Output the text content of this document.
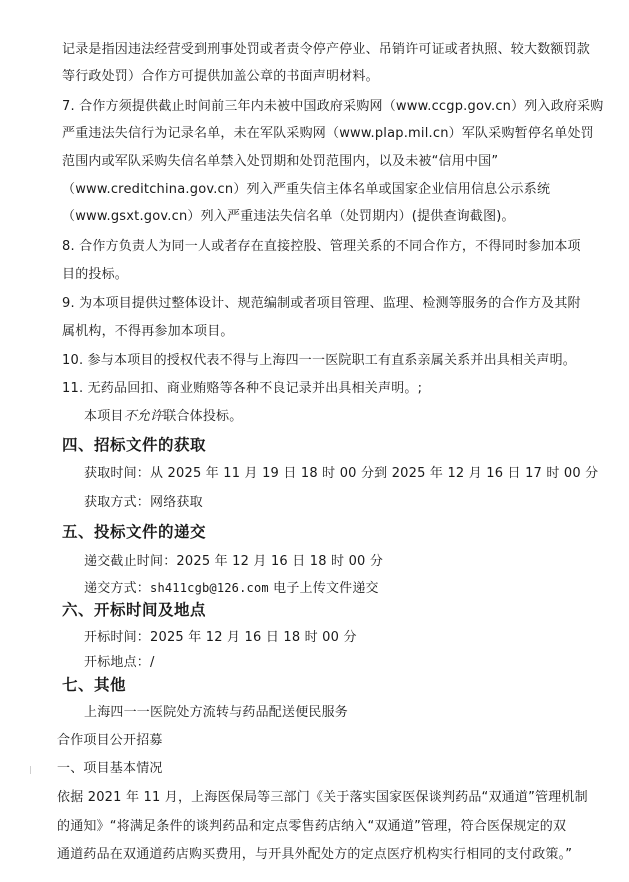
记录是指因违法经营受到刑事处罚或者责令停产停业、吊销许可证或者执照、较大数额罚款
等行政处罚）合作方可提供加盖公章的书面声明材料。
7. 合作方须提供截止时间前三年内未被中国政府采购网（www.ccgp.gov.cn）列入政府采购
严重违法失信行为记录名单，未在军队采购网（www.plap.mil.cn）军队采购暂停名单处罚
范围内或军队采购失信名单禁入处罚期和处罚范围内，以及未被“信用中国”
（www.creditchina.gov.cn）列入严重失信主体名单或国家企业信用信息公示系统
（www.gsxt.gov.cn）列入严重违法失信名单（处罚期内）(提供查询截图)。
8. 合作方负责人为同一人或者存在直接控股、管理关系的不同合作方，不得同时参加本项
目的投标。
9. 为本项目提供过整体设计、规范编制或者项目管理、监理、检测等服务的合作方及其附
属机构，不得再参加本项目。
10. 参与本项目的授权代表不得与上海四一一医院职工有直系亲属关系并出具相关声明。
11. 无药品回扣、商业贿赂等各种不良记录并出具相关声明。;
本项目不允许联合体投标。
四、招标文件的获取
获取时间：从 2025 年 11 月 19 日 18 时 00 分到 2025 年 12 月 16 日 17 时 00 分
获取方式：网络获取
五、投标文件的递交
递交截止时间：2025 年 12 月 16 日 18 时 00 分
递交方式：sh411cgb@126.com 电子上传文件递交
六、开标时间及地点
开标时间：2025 年 12 月 16 日 18 时 00 分
开标地点：/
七、其他
上海四一一医院处方流转与药品配送便民服务
合作项目公开招募
一、项目基本情况
依据 2021 年 11 月，上海医保局等三部门《关于落实国家医保谈判药品“双通道”管理机制
的通知》“将满足条件的谈判药品和定点零售药店纳入“双通道”管理，符合医保规定的双
通道药品在双通道药店购买费用，与开具外配处方的定点医疗机构实行相同的支付政策。”
